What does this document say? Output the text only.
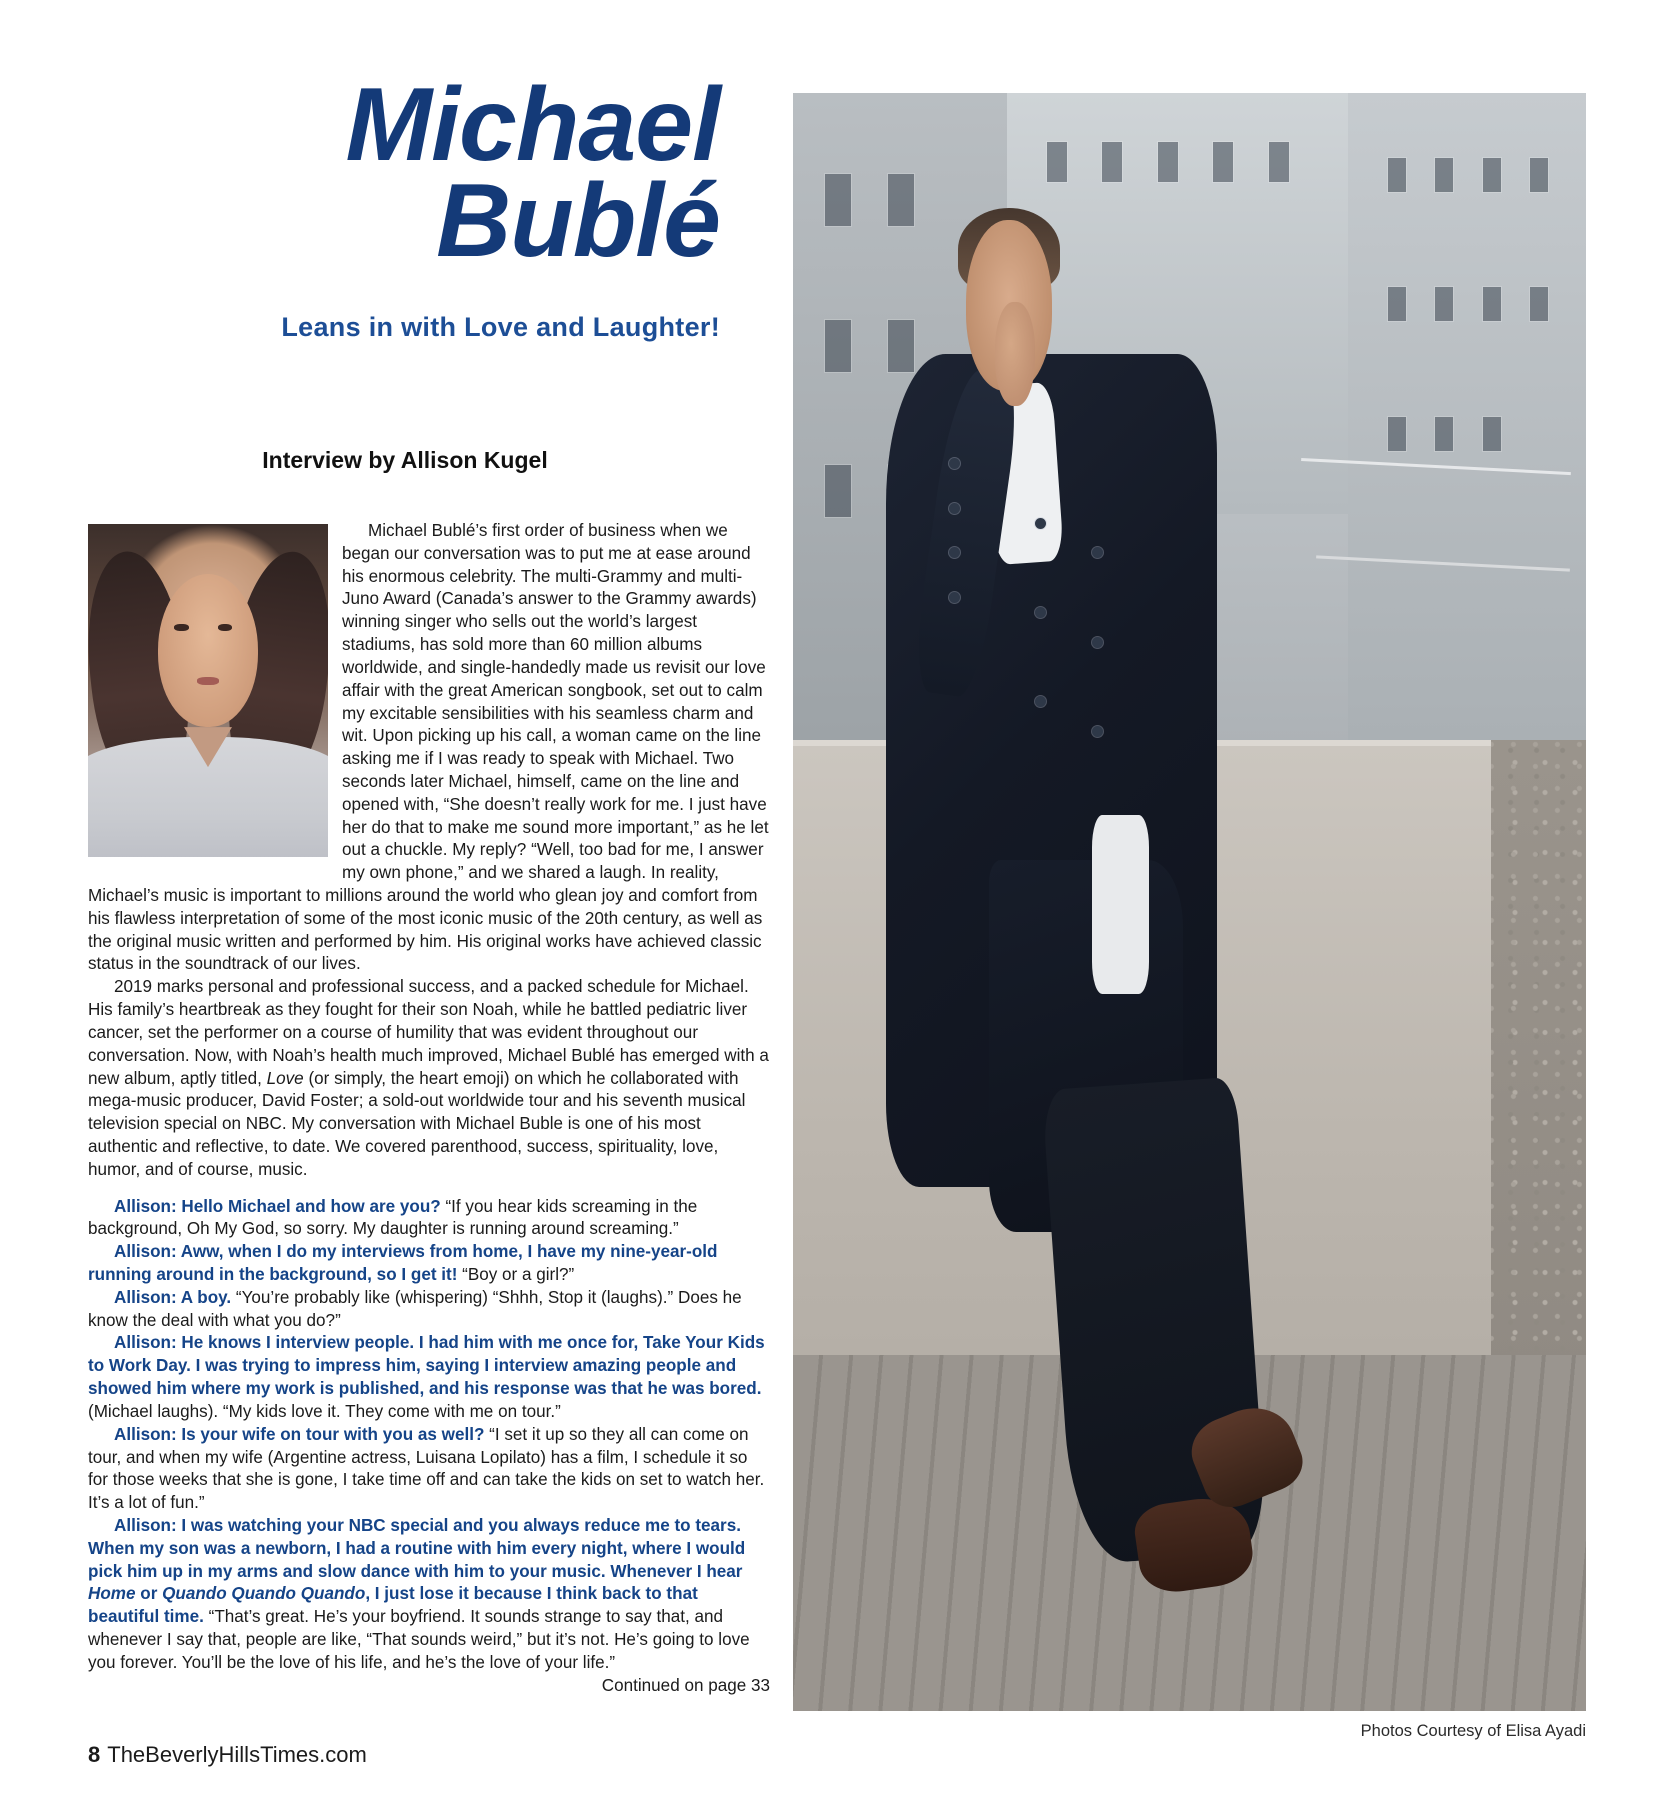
Michael
Bublé
Leans in with Love and Laughter!
Interview by Allison Kugel

Michael Bublé’s first order of business when we began our conversation was to put me at ease around his enormous celebrity. The multi-Grammy and multi-Juno Award (Canada’s answer to the Grammy awards) winning singer who sells out the world’s largest stadiums, has sold more than 60 million albums worldwide, and single-handedly made us revisit our love affair with the great American songbook, set out to calm my excitable sensibilities with his seamless charm and wit. Upon picking up his call, a woman came on the line asking me if I was ready to speak with Michael. Two seconds later Michael, himself, came on the line and opened with, “She doesn’t really work for me. I just have her do that to make me sound more important,” as he let out a chuckle. My reply? “Well, too bad for me, I answer my own phone,” and we shared a laugh. In reality, Michael’s music is important to millions around the world who glean joy and comfort from his flawless interpretation of some of the most iconic music of the 20th century, as well as the original music written and performed by him. His original works have achieved classic status in the soundtrack of our lives.

2019 marks personal and professional success, and a packed schedule for Michael. His family’s heartbreak as they fought for their son Noah, while he battled pediatric liver cancer, set the performer on a course of humility that was evident throughout our conversation. Now, with Noah’s health much improved, Michael Bublé has emerged with a new album, aptly titled, Love (or simply, the heart emoji) on which he collaborated with mega-music producer, David Foster; a sold-out worldwide tour and his seventh musical television special on NBC. My conversation with Michael Buble is one of his most authentic and reflective, to date. We covered parenthood, success, spirituality, love, humor, and of course, music.

Allison: Hello Michael and how are you? “If you hear kids screaming in the background, Oh My God, so sorry. My daughter is running around screaming.”

Allison: Aww, when I do my interviews from home, I have my nine-year-old running around in the background, so I get it! “Boy or a girl?”

Allison: A boy. “You’re probably like (whispering) “Shhh, Stop it (laughs).” Does he know the deal with what you do?”

Allison: He knows I interview people. I had him with me once for, Take Your Kids to Work Day. I was trying to impress him, saying I interview amazing people and showed him where my work is published, and his response was that he was bored. (Michael laughs). “My kids love it. They come with me on tour.”

Allison: Is your wife on tour with you as well? “I set it up so they all can come on tour, and when my wife (Argentine actress, Luisana Lopilato) has a film, I schedule it so for those weeks that she is gone, I take time off and can take the kids on set to watch her. It’s a lot of fun.”

Allison: I was watching your NBC special and you always reduce me to tears. When my son was a newborn, I had a routine with him every night, where I would pick him up in my arms and slow dance with him to your music. Whenever I hear Home or Quando Quando Quando, I just lose it because I think back to that beautiful time. “That’s great. He’s your boyfriend. It sounds strange to say that, and whenever I say that, people are like, “That sounds weird,” but it’s not. He’s going to love you forever. You’ll be the love of his life, and he’s the love of your life.”
Continued on page 33

Photos Courtesy of Elisa Ayadi
8 TheBeverlyHillsTimes.com
